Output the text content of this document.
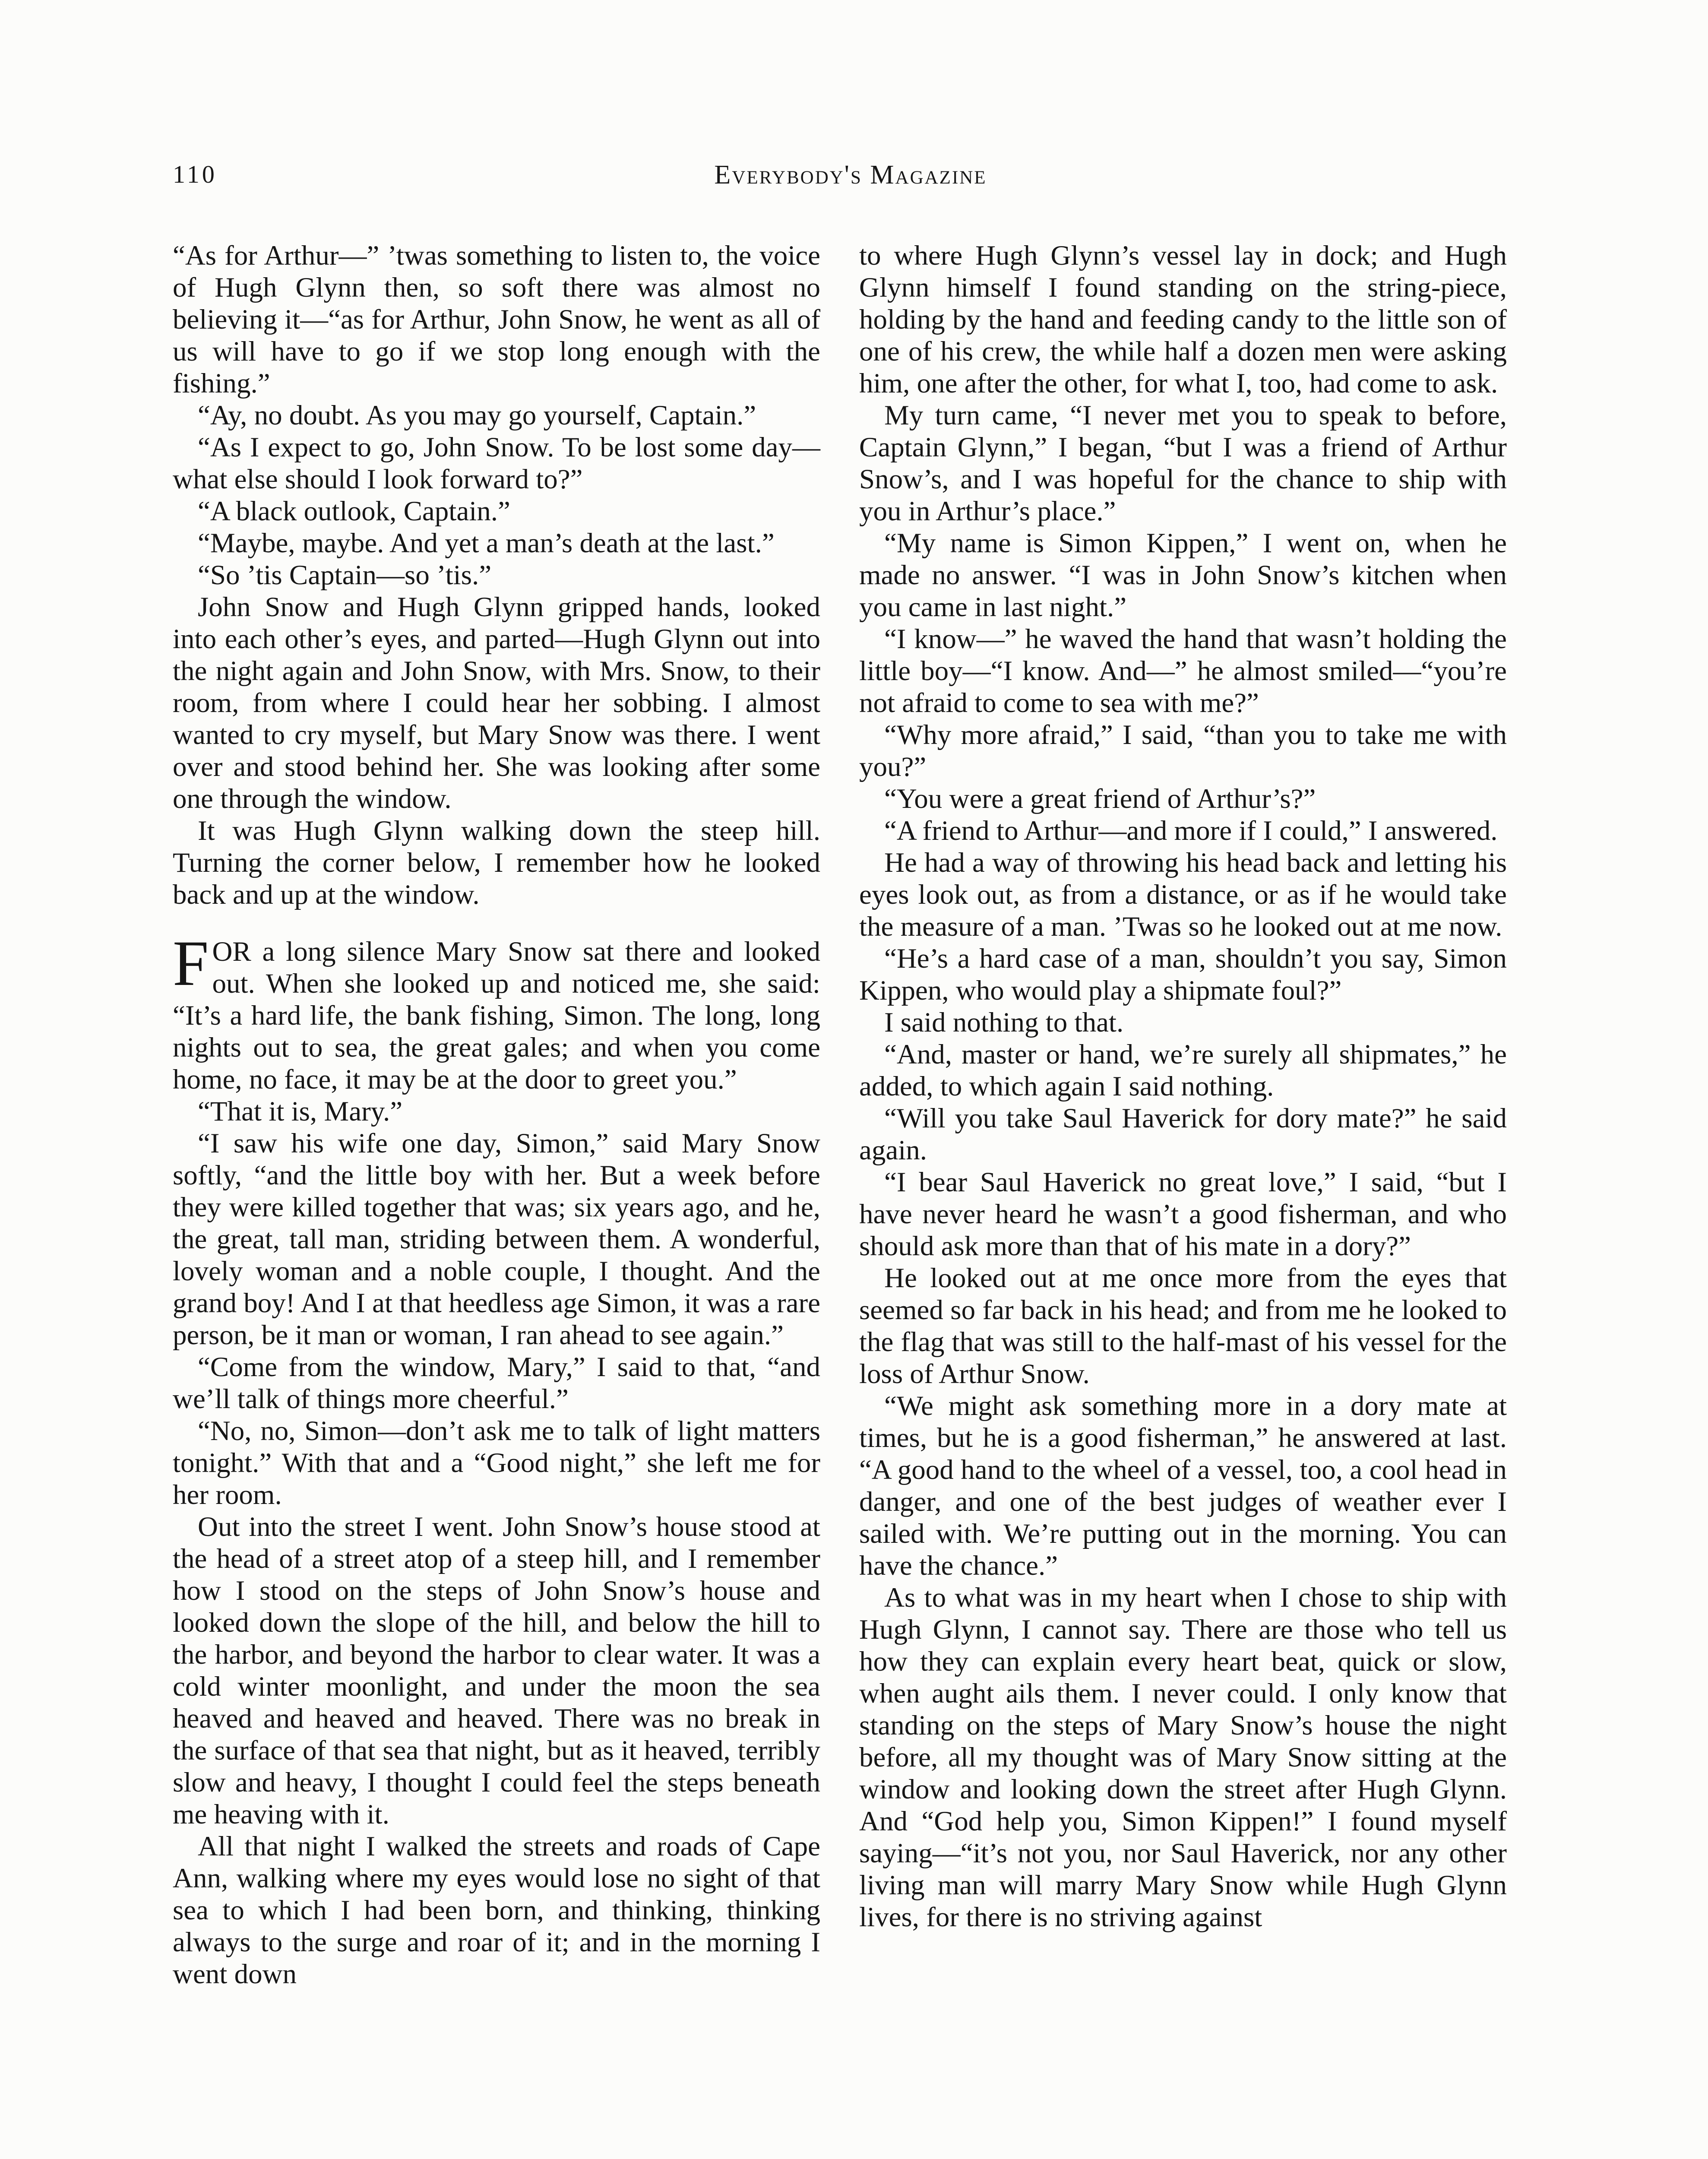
110	Everybody's Magazine

“As for Arthur—” ’twas something to listen to, the voice of Hugh Glynn then, so soft there was almost no believing it—“as for Arthur, John Snow, he went as all of us will have to go if we stop long enough with the fishing.”

“Ay, no doubt. As you may go yourself, Captain.”

“As I expect to go, John Snow. To be lost some day—what else should I look forward to?”

“A black outlook, Captain.”

“Maybe, maybe. And yet a man’s death at the last.”

“So ’tis Captain—so ’tis.”

John Snow and Hugh Glynn gripped hands, looked into each other’s eyes, and parted—Hugh Glynn out into the night again and John Snow, with Mrs. Snow, to their room, from where I could hear her sobbing. I almost wanted to cry myself, but Mary Snow was there. I went over and stood behind her. She was looking after some one through the window.

It was Hugh Glynn walking down the steep hill. Turning the corner below, I remember how he looked back and up at the window.

FOR a long silence Mary Snow sat there and looked out. When she looked up and noticed me, she said: “It’s a hard life, the bank fishing, Simon. The long, long nights out to sea, the great gales; and when you come home, no face, it may be at the door to greet you.”

“That it is, Mary.”

“I saw his wife one day, Simon,” said Mary Snow softly, “and the little boy with her. But a week before they were killed together that was; six years ago, and he, the great, tall man, striding between them. A wonderful, lovely woman and a noble couple, I thought. And the grand boy! And I at that heedless age Simon, it was a rare person, be it man or woman, I ran ahead to see again.”

“Come from the window, Mary,” I said to that, “and we’ll talk of things more cheerful.”

“No, no, Simon—don’t ask me to talk of light matters tonight.” With that and a “Good night,” she left me for her room.

Out into the street I went. John Snow’s house stood at the head of a street atop of a steep hill, and I remember how I stood on the steps of John Snow’s house and looked down the slope of the hill, and below the hill to the harbor, and beyond the harbor to clear water. It was a cold winter moonlight, and under the moon the sea heaved and heaved and heaved. There was no break in the surface of that sea that night, but as it heaved, terribly slow and heavy, I thought I could feel the steps beneath me heaving with it.

All that night I walked the streets and roads of Cape Ann, walking where my eyes would lose no sight of that sea to which I had been born, and thinking, thinking always to the surge and roar of it; and in the morning I went down

to where Hugh Glynn’s vessel lay in dock; and Hugh Glynn himself I found standing on the string-piece, holding by the hand and feeding candy to the little son of one of his crew, the while half a dozen men were asking him, one after the other, for what I, too, had come to ask.

My turn came, “I never met you to speak to before, Captain Glynn,” I began, “but I was a friend of Arthur Snow’s, and I was hopeful for the chance to ship with you in Arthur’s place.”

“My name is Simon Kippen,” I went on, when he made no answer. “I was in John Snow’s kitchen when you came in last night.”

“I know—” he waved the hand that wasn’t holding the little boy—“I know. And—” he almost smiled—“you’re not afraid to come to sea with me?”

“Why more afraid,” I said, “than you to take me with you?”

“You were a great friend of Arthur’s?”

“A friend to Arthur—and more if I could,” I answered.

He had a way of throwing his head back and letting his eyes look out, as from a distance, or as if he would take the measure of a man. ’Twas so he looked out at me now.

“He’s a hard case of a man, shouldn’t you say, Simon Kippen, who would play a shipmate foul?”

I said nothing to that.

“And, master or hand, we’re surely all shipmates,” he added, to which again I said nothing.

“Will you take Saul Haverick for dory mate?” he said again.

“I bear Saul Haverick no great love,” I said, “but I have never heard he wasn’t a good fisherman, and who should ask more than that of his mate in a dory?”

He looked out at me once more from the eyes that seemed so far back in his head; and from me he looked to the flag that was still to the half-mast of his vessel for the loss of Arthur Snow.

“We might ask something more in a dory mate at times, but he is a good fisherman,” he answered at last. “A good hand to the wheel of a vessel, too, a cool head in danger, and one of the best judges of weather ever I sailed with. We’re putting out in the morning. You can have the chance.”

As to what was in my heart when I chose to ship with Hugh Glynn, I cannot say. There are those who tell us how they can explain every heart beat, quick or slow, when aught ails them. I never could. I only know that standing on the steps of Mary Snow’s house the night before, all my thought was of Mary Snow sitting at the window and looking down the street after Hugh Glynn. And “God help you, Simon Kippen!” I found myself saying—“it’s not you, nor Saul Haverick, nor any other living man will marry Mary Snow while Hugh Glynn lives, for there is no striving against
